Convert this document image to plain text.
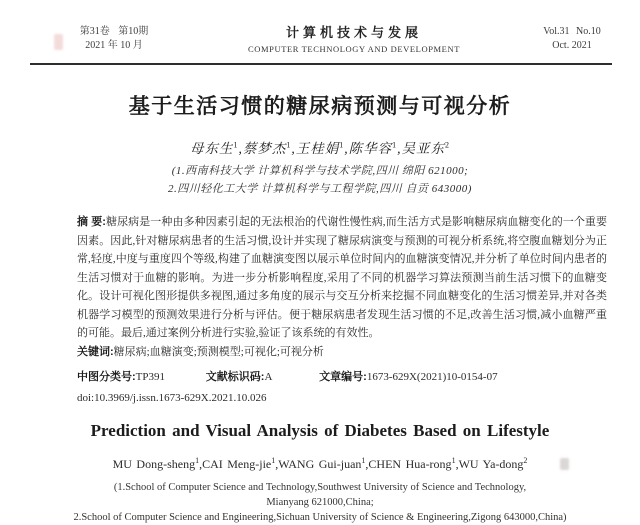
第31卷 第10期
2021 年 10 月
计算机技术与发展
COMPUTER TECHNOLOGY AND DEVELOPMENT
Vol.31 No.10
Oct. 2021
基于生活习惯的糖尿病预测与可视分析
母东生$^1$,蔡梦杰$^1$,王桂娟$^1$,陈华容$^1$,吴亚东$^2$
(1.西南科技大学 计算机科学与技术学院,四川 绵阳 621000;
2.四川轻化工大学 计算机科学与工程学院,四川 自贡 643000)

摘 要:糖尿病是一种由多种因素引起的无法根治的代谢性慢性病,而生活方式是影响糖尿病血糖变化的一个重要因素。因此,针对糖尿病患者的生活习惯,设计并实现了糖尿病演变与预测的可视分析系统,将空腹血糖划分为正常,轻度,中度与重度四个等级,构建了血糖演变图以展示单位时间内的血糖演变情况,并分析了单位时间内患者的生活习惯对于血糖的影响。为进一步分析影响程度,采用了不同的机器学习算法预测当前生活习惯下的血糖变化。设计可视化图形提供多视图,通过多角度的展示与交互分析来挖掘不同血糖变化的生活习惯差异,并对各类机器学习模型的预测效果进行分析与评估。便于糖尿病患者发现生活习惯的不足,改善生活习惯,减小血糖严重的可能。最后,通过案例分析进行实验,验证了该系统的有效性。

关键词:糖尿病;血糖演变;预测模型;可视化;可视分析

中图分类号:TP391	文献标识码:A	文章编号:1673-629X(2021)10-0154-07

doi:10.3969/j.issn.1673-629X.2021.10.026

Prediction and Visual Analysis of Diabetes Based on Lifestyle
MU Dong-sheng$^1$,CAI Meng-jie$^1$,WANG Gui-juan$^1$,CHEN Hua-rong$^1$,WU Ya-dong$^2$
(1.School of Computer Science and Technology,Southwest University of Science and Technology,
Mianyang 621000,China;
2.School of Computer Science and Engineering,Sichuan University of Science & Engineering,Zigong 643000,China)
